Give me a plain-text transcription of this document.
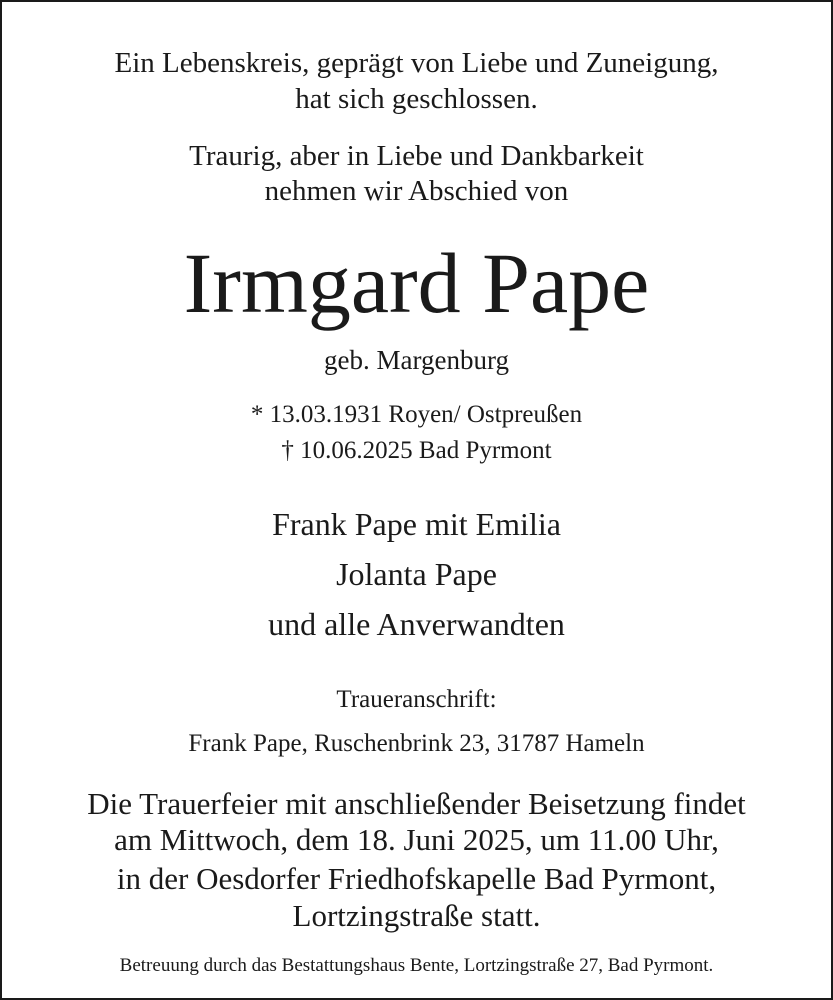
Ein Lebenskreis, geprägt von Liebe und Zuneigung,
hat sich geschlossen.
Traurig, aber in Liebe und Dankbarkeit
nehmen wir Abschied von
Irmgard Pape
geb. Margenburg
* 13.03.1931 Royen/ Ostpreußen
† 10.06.2025 Bad Pyrmont
Frank Pape mit Emilia
Jolanta Pape
und alle Anverwandten
Traueranschrift:
Frank Pape, Ruschenbrink 23, 31787 Hameln
Die Trauerfeier mit anschließender Beisetzung findet
am Mittwoch, dem 18. Juni 2025, um 11.00 Uhr,
in der Oesdorfer Friedhofskapelle Bad Pyrmont,
Lortzingstraße statt.
Betreuung durch das Bestattungshaus Bente, Lortzingstraße 27, Bad Pyrmont.
